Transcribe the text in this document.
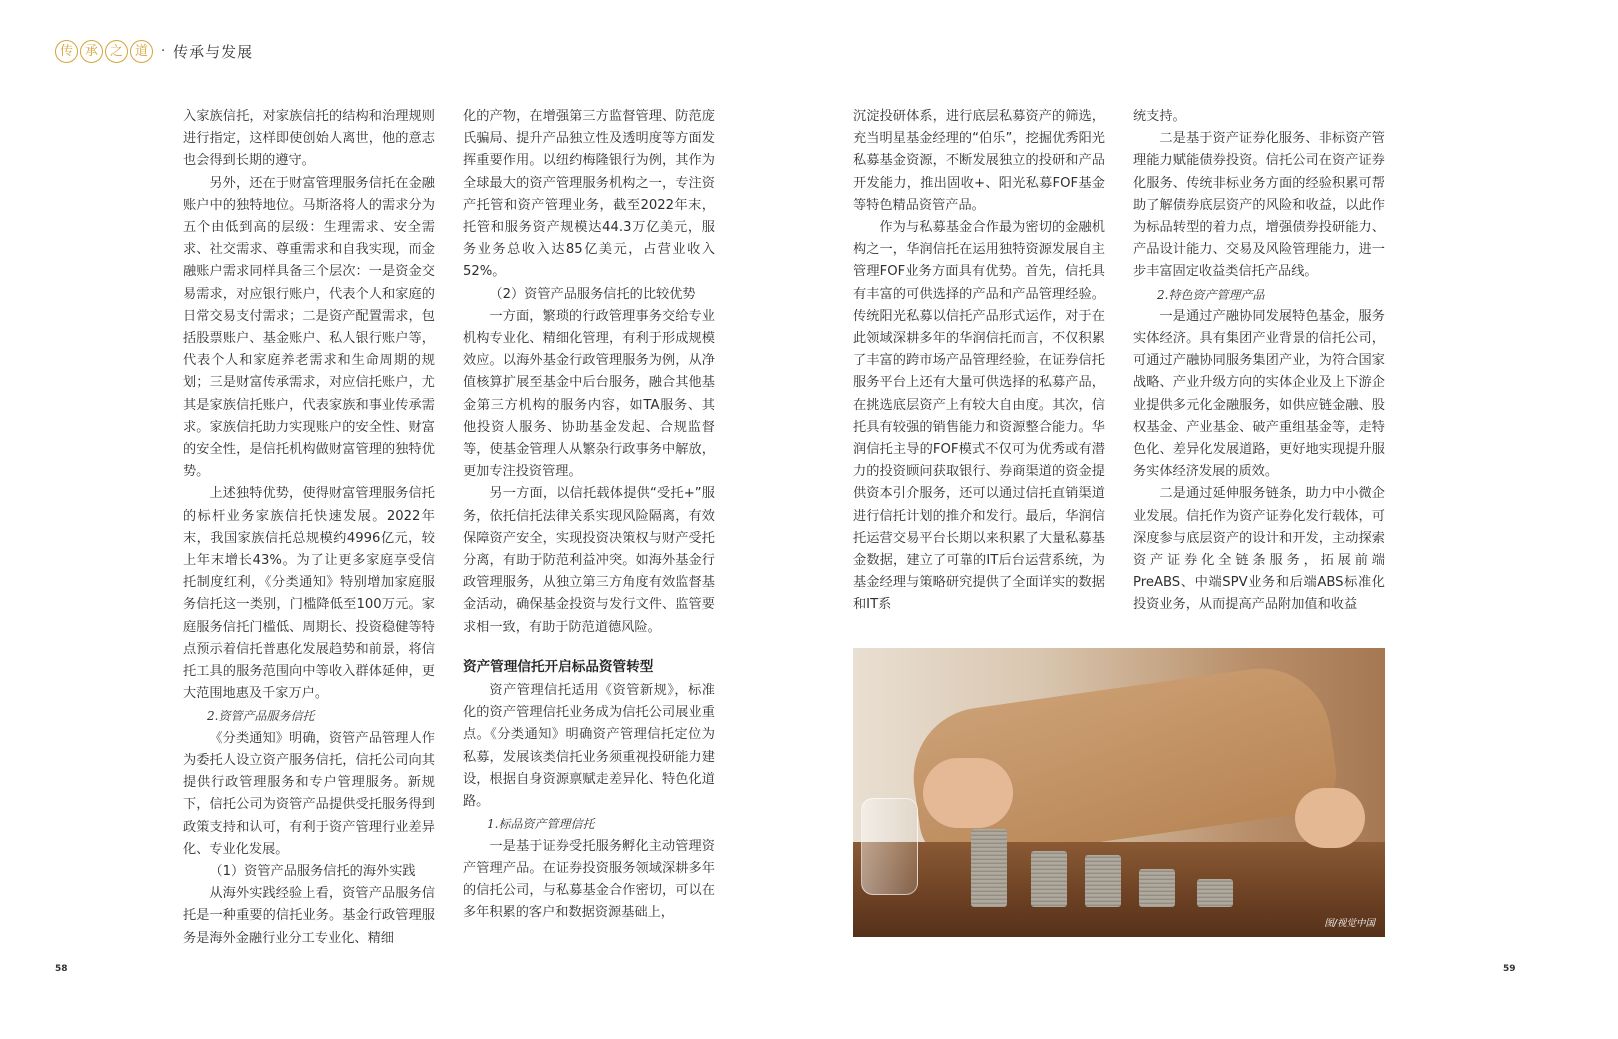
传 承 之 道	· 传承与发展

入家族信托，对家族信托的结构和治理规则进行指定，这样即使创始人离世，他的意志也会得到长期的遵守。

另外，还在于财富管理服务信托在金融账户中的独特地位。马斯洛将人的需求分为五个由低到高的层级：生理需求、安全需求、社交需求、尊重需求和自我实现，而金融账户需求同样具备三个层次：一是资金交易需求，对应银行账户，代表个人和家庭的日常交易支付需求；二是资产配置需求，包括股票账户、基金账户、私人银行账户等，代表个人和家庭养老需求和生命周期的规划；三是财富传承需求，对应信托账户，尤其是家族信托账户，代表家族和事业传承需求。家族信托助力实现账户的安全性、财富的安全性，是信托机构做财富管理的独特优势。

上述独特优势，使得财富管理服务信托的标杆业务家族信托快速发展。2022年末，我国家族信托总规模约4996亿元，较上年末增长43%。为了让更多家庭享受信托制度红利，《分类通知》特别增加家庭服务信托这一类别，门槛降低至100万元。家庭服务信托门槛低、周期长、投资稳健等特点预示着信托普惠化发展趋势和前景，将信托工具的服务范围向中等收入群体延伸，更大范围地惠及千家万户。

2.资管产品服务信托

《分类通知》明确，资管产品管理人作为委托人设立资产服务信托，信托公司向其提供行政管理服务和专户管理服务。新规下，信托公司为资管产品提供受托服务得到政策支持和认可，有利于资产管理行业差异化、专业化发展。

（1）资管产品服务信托的海外实践

从海外实践经验上看，资管产品服务信托是一种重要的信托业务。基金行政管理服务是海外金融行业分工专业化、精细

化的产物，在增强第三方监督管理、防范庞氏骗局、提升产品独立性及透明度等方面发挥重要作用。以纽约梅隆银行为例，其作为全球最大的资产管理服务机构之一，专注资产托管和资产管理业务，截至2022年末，托管和服务资产规模达44.3万亿美元，服务业务总收入达85亿美元，占营业收入52%。

（2）资管产品服务信托的比较优势

一方面，繁琐的行政管理事务交给专业机构专业化、精细化管理，有利于形成规模效应。以海外基金行政管理服务为例，从净值核算扩展至基金中后台服务，融合其他基金第三方机构的服务内容，如TA服务、其他投资人服务、协助基金发起、合规监督等，使基金管理人从繁杂行政事务中解放，更加专注投资管理。

另一方面，以信托载体提供“受托+”服务，依托信托法律关系实现风险隔离，有效保障资产安全，实现投资决策权与财产受托分离，有助于防范利益冲突。如海外基金行政管理服务，从独立第三方角度有效监督基金活动，确保基金投资与发行文件、监管要求相一致，有助于防范道德风险。

资产管理信托开启标品资管转型

资产管理信托适用《资管新规》，标准化的资产管理信托业务成为信托公司展业重点。《分类通知》明确资产管理信托定位为私募，发展该类信托业务须重视投研能力建设，根据自身资源禀赋走差异化、特色化道路。

1.标品资产管理信托

一是基于证券受托服务孵化主动管理资产管理产品。在证券投资服务领域深耕多年的信托公司，与私募基金合作密切，可以在多年积累的客户和数据资源基础上，

沉淀投研体系，进行底层私募资产的筛选，充当明星基金经理的“伯乐”，挖掘优秀阳光私募基金资源，不断发展独立的投研和产品开发能力，推出固收+、阳光私募FOF基金等特色精品资管产品。

作为与私募基金合作最为密切的金融机构之一，华润信托在运用独特资源发展自主管理FOF业务方面具有优势。首先，信托具有丰富的可供选择的产品和产品管理经验。传统阳光私募以信托产品形式运作，对于在此领域深耕多年的华润信托而言，不仅积累了丰富的跨市场产品管理经验，在证券信托服务平台上还有大量可供选择的私募产品，在挑选底层资产上有较大自由度。其次，信托具有较强的销售能力和资源整合能力。华润信托主导的FOF模式不仅可为优秀或有潜力的投资顾问获取银行、券商渠道的资金提供资本引介服务，还可以通过信托直销渠道进行信托计划的推介和发行。最后，华润信托运营交易平台长期以来积累了大量私募基金数据，建立了可靠的IT后台运营系统，为基金经理与策略研究提供了全面详实的数据和IT系

统支持。

二是基于资产证券化服务、非标资产管理能力赋能债券投资。信托公司在资产证券化服务、传统非标业务方面的经验积累可帮助了解债券底层资产的风险和收益，以此作为标品转型的着力点，增强债券投研能力、产品设计能力、交易及风险管理能力，进一步丰富固定收益类信托产品线。

2.特色资产管理产品

一是通过产融协同发展特色基金，服务实体经济。具有集团产业背景的信托公司，可通过产融协同服务集团产业，为符合国家战略、产业升级方向的实体企业及上下游企业提供多元化金融服务，如供应链金融、股权基金、产业基金、破产重组基金等，走特色化、差异化发展道路，更好地实现提升服务实体经济发展的质效。

二是通过延伸服务链条，助力中小微企业发展。信托作为资产证券化发行载体，可深度参与底层资产的设计和开发，主动探索资产证券化全链条服务，拓展前端PreABS、中端SPV业务和后端ABS标准化投资业务，从而提高产品附加值和收益

图/视觉中国
58	59
